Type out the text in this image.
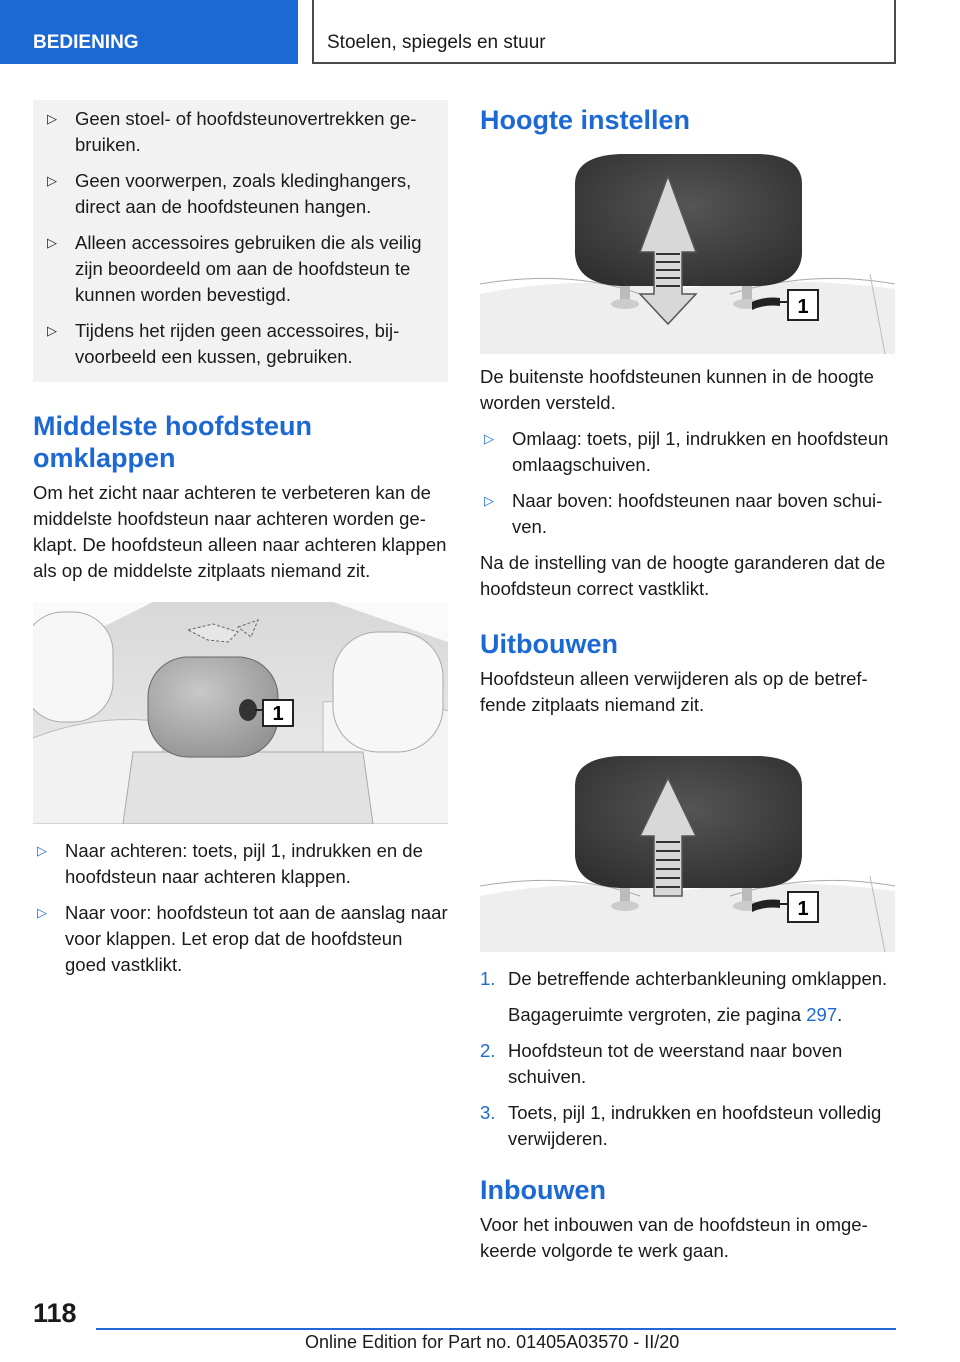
BEDIENING	Stoelen, spiegels en stuur
▷
Geen stoel- of hoofdsteunovertrekken gebruiken.
▷
Geen voorwerpen, zoals kledinghangers, direct aan de hoofdsteunen hangen.
▷
Alleen accessoires gebruiken die als veilig zijn beoordeeld om aan de hoofdsteun te kunnen worden bevestigd.
▷
Tijdens het rijden geen accessoires, bijvoorbeeld een kussen, gebruiken.
Middelste hoofdsteun
omklappen
Om het zicht naar achteren te verbeteren kan de middelste hoofdsteun naar achteren worden geklapt. De hoofdsteun alleen naar achteren klappen als op de middelste zitplaats niemand zit.
1
▷
Naar achteren: toets, pijl 1, indrukken en de hoofdsteun naar achteren klappen.
▷
Naar voor: hoofdsteun tot aan de aanslag naar voor klappen. Let erop dat de hoofdsteun goed vastklikt.
Hoogte instellen
1
De buitenste hoofdsteunen kunnen in de hoogte worden versteld.
▷
Omlaag: toets, pijl 1, indrukken en hoofdsteun omlaagschuiven.
▷
Naar boven: hoofdsteunen naar boven schuiven.
Na de instelling van de hoogte garanderen dat de hoofdsteun correct vastklikt.
Uitbouwen
Hoofdsteun alleen verwijderen als op de betreffende zitplaats niemand zit.
1
1. De betreffende achterbankleuning omklappen.
Bagageruimte vergroten, zie pagina 297.
2. Hoofdsteun tot de weerstand naar boven schuiven.
3. Toets, pijl 1, indrukken en hoofdsteun volledig verwijderen.
Inbouwen
Voor het inbouwen van de hoofdsteun in omgekeerde volgorde te werk gaan.
118
Online Edition for Part no. 01405A03570 - II/20
